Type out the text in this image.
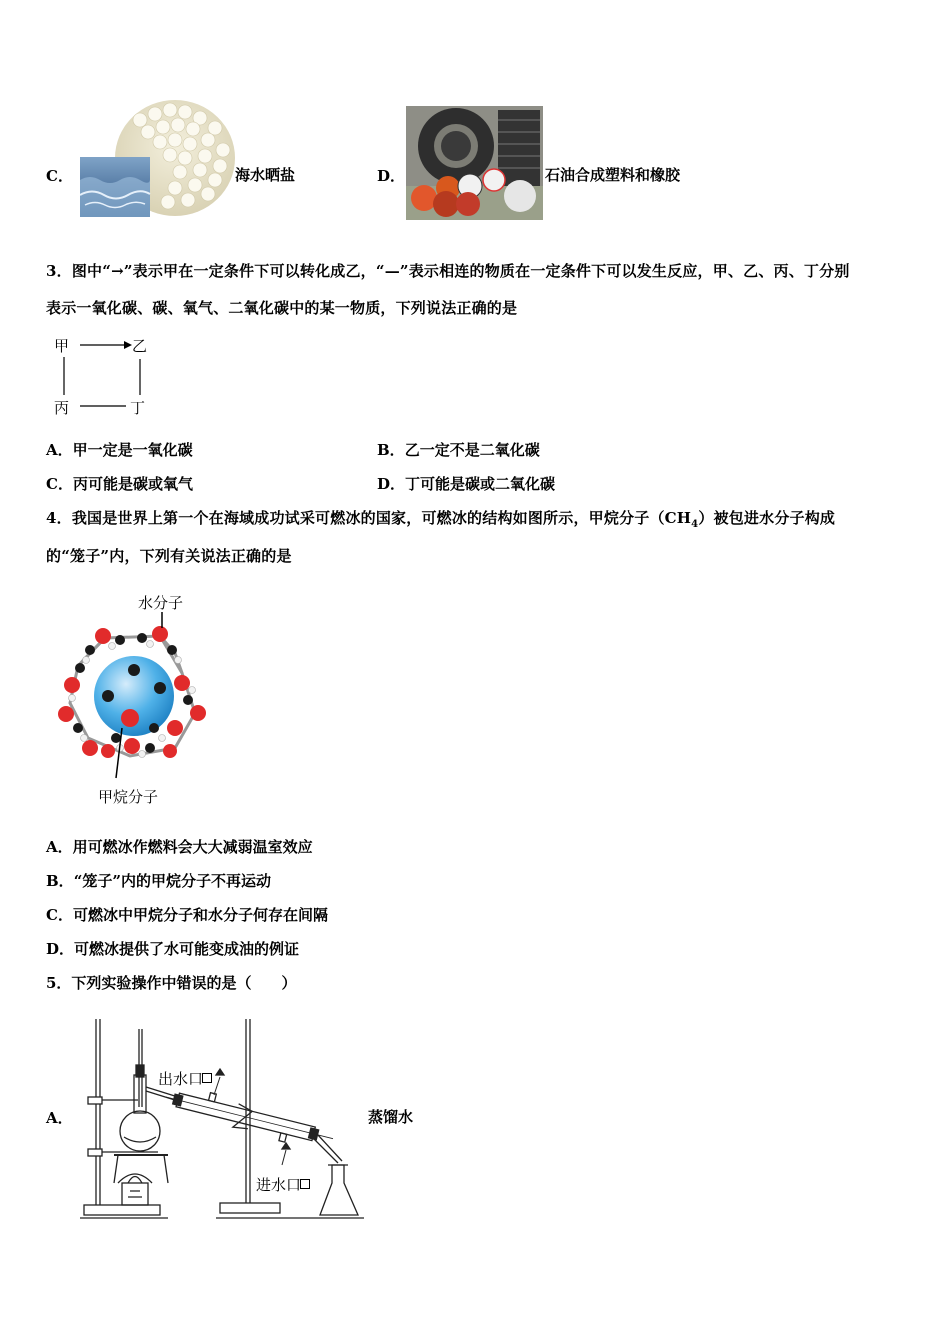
C．	海水晒盐	D．	石油合成塑料和橡胶
3．图中“→”表示甲在一定条件下可以转化成乙，“—”表示相连的物质在一定条件下可以发生反应，甲、乙、丙、丁分别
表示一氧化碳、碳、氧气、二氧化碳中的某一物质，下列说法正确的是
甲	乙
丙	丁
A．甲一定是一氧化碳	B．乙一定不是二氧化碳
C．丙可能是碳或氧气	D．丁可能是碳或二氧化碳
4．我国是世界上第一个在海域成功试采可燃冰的国家，可燃冰的结构如图所示，甲烷分子$(CH_4)$被包进水分子构成
的“笼子”内，下列有关说法正确的是
水分子
甲烷分子
A．用可燃冰作燃料会大大减弱温室效应
B．“笼子”内的甲烷分子不再运动
C．可燃冰中甲烷分子和水分子何存在间隔
D．可燃冰提供了水可能变成油的例证
5．下列实验操作中错误的是（　　）
A．
出水口
进水口
蒸馏水
